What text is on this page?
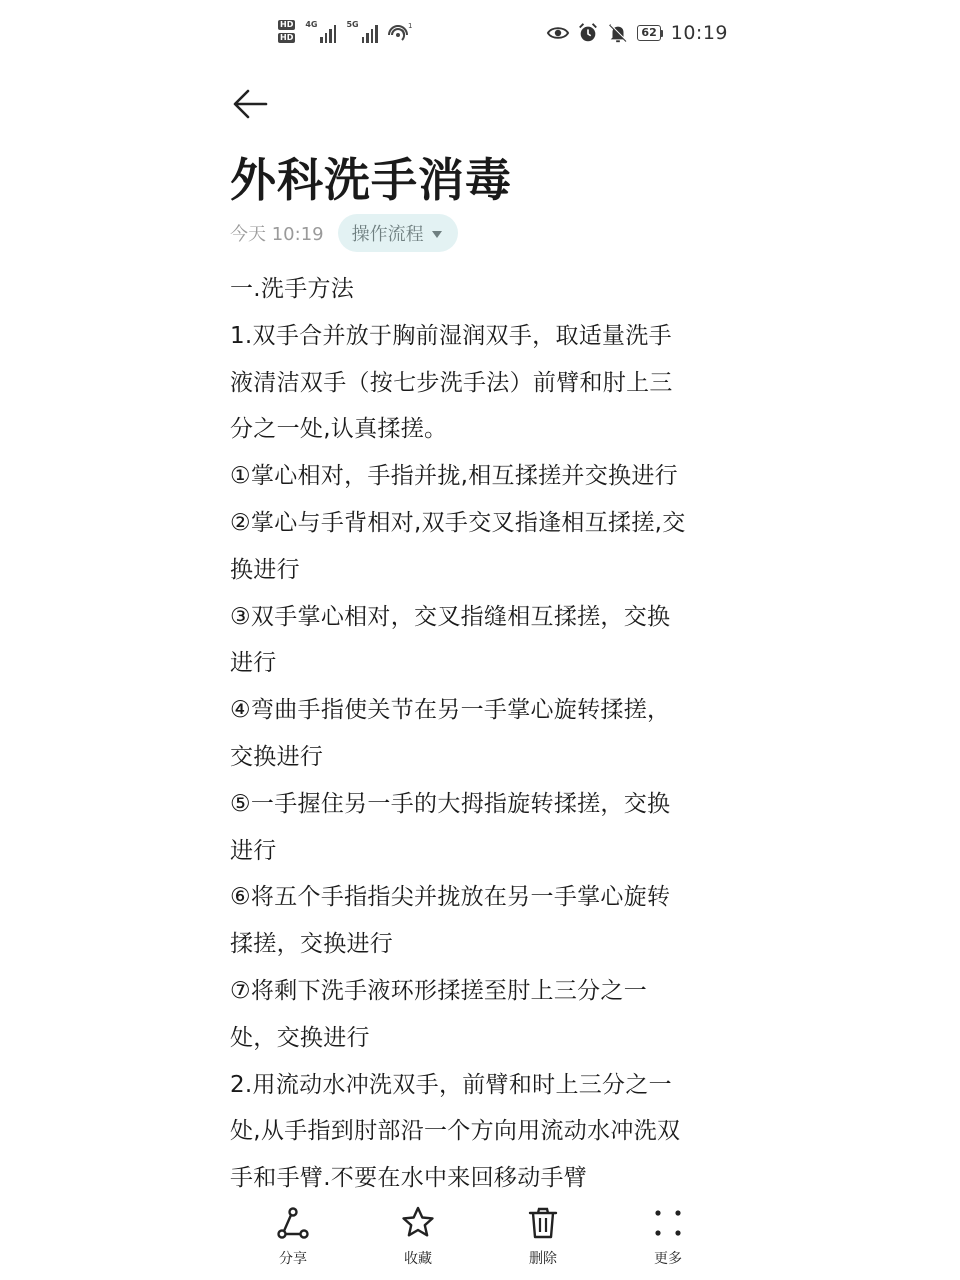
HD
HD
4G	5G	1
62 10:19
外科洗手消毒
今天 10:19 操作流程
一.洗手方法
1.双手合并放于胸前湿润双手，取适量洗手
液清洁双手（按七步洗手法）前臂和肘上三
分之一处,认真揉搓。
①掌心相对，手指并拢,相互揉搓并交换进行
②掌心与手背相对,双手交叉指逢相互揉搓,交
换进行
③双手掌心相对，交叉指缝相互揉搓，交换
进行
④弯曲手指使关节在另一手掌心旋转揉搓，
交换进行
⑤一手握住另一手的大拇指旋转揉搓，交换
进行
⑥将五个手指指尖并拢放在另一手掌心旋转
揉搓，交换进行
⑦将剩下洗手液环形揉搓至肘上三分之一
处，交换进行
2.用流动水冲洗双手，前臂和时上三分之一
处,从手指到肘部沿一个方向用流动水冲洗双
手和手臂.不要在水中来回移动手臂
分享	收藏	删除	更多
